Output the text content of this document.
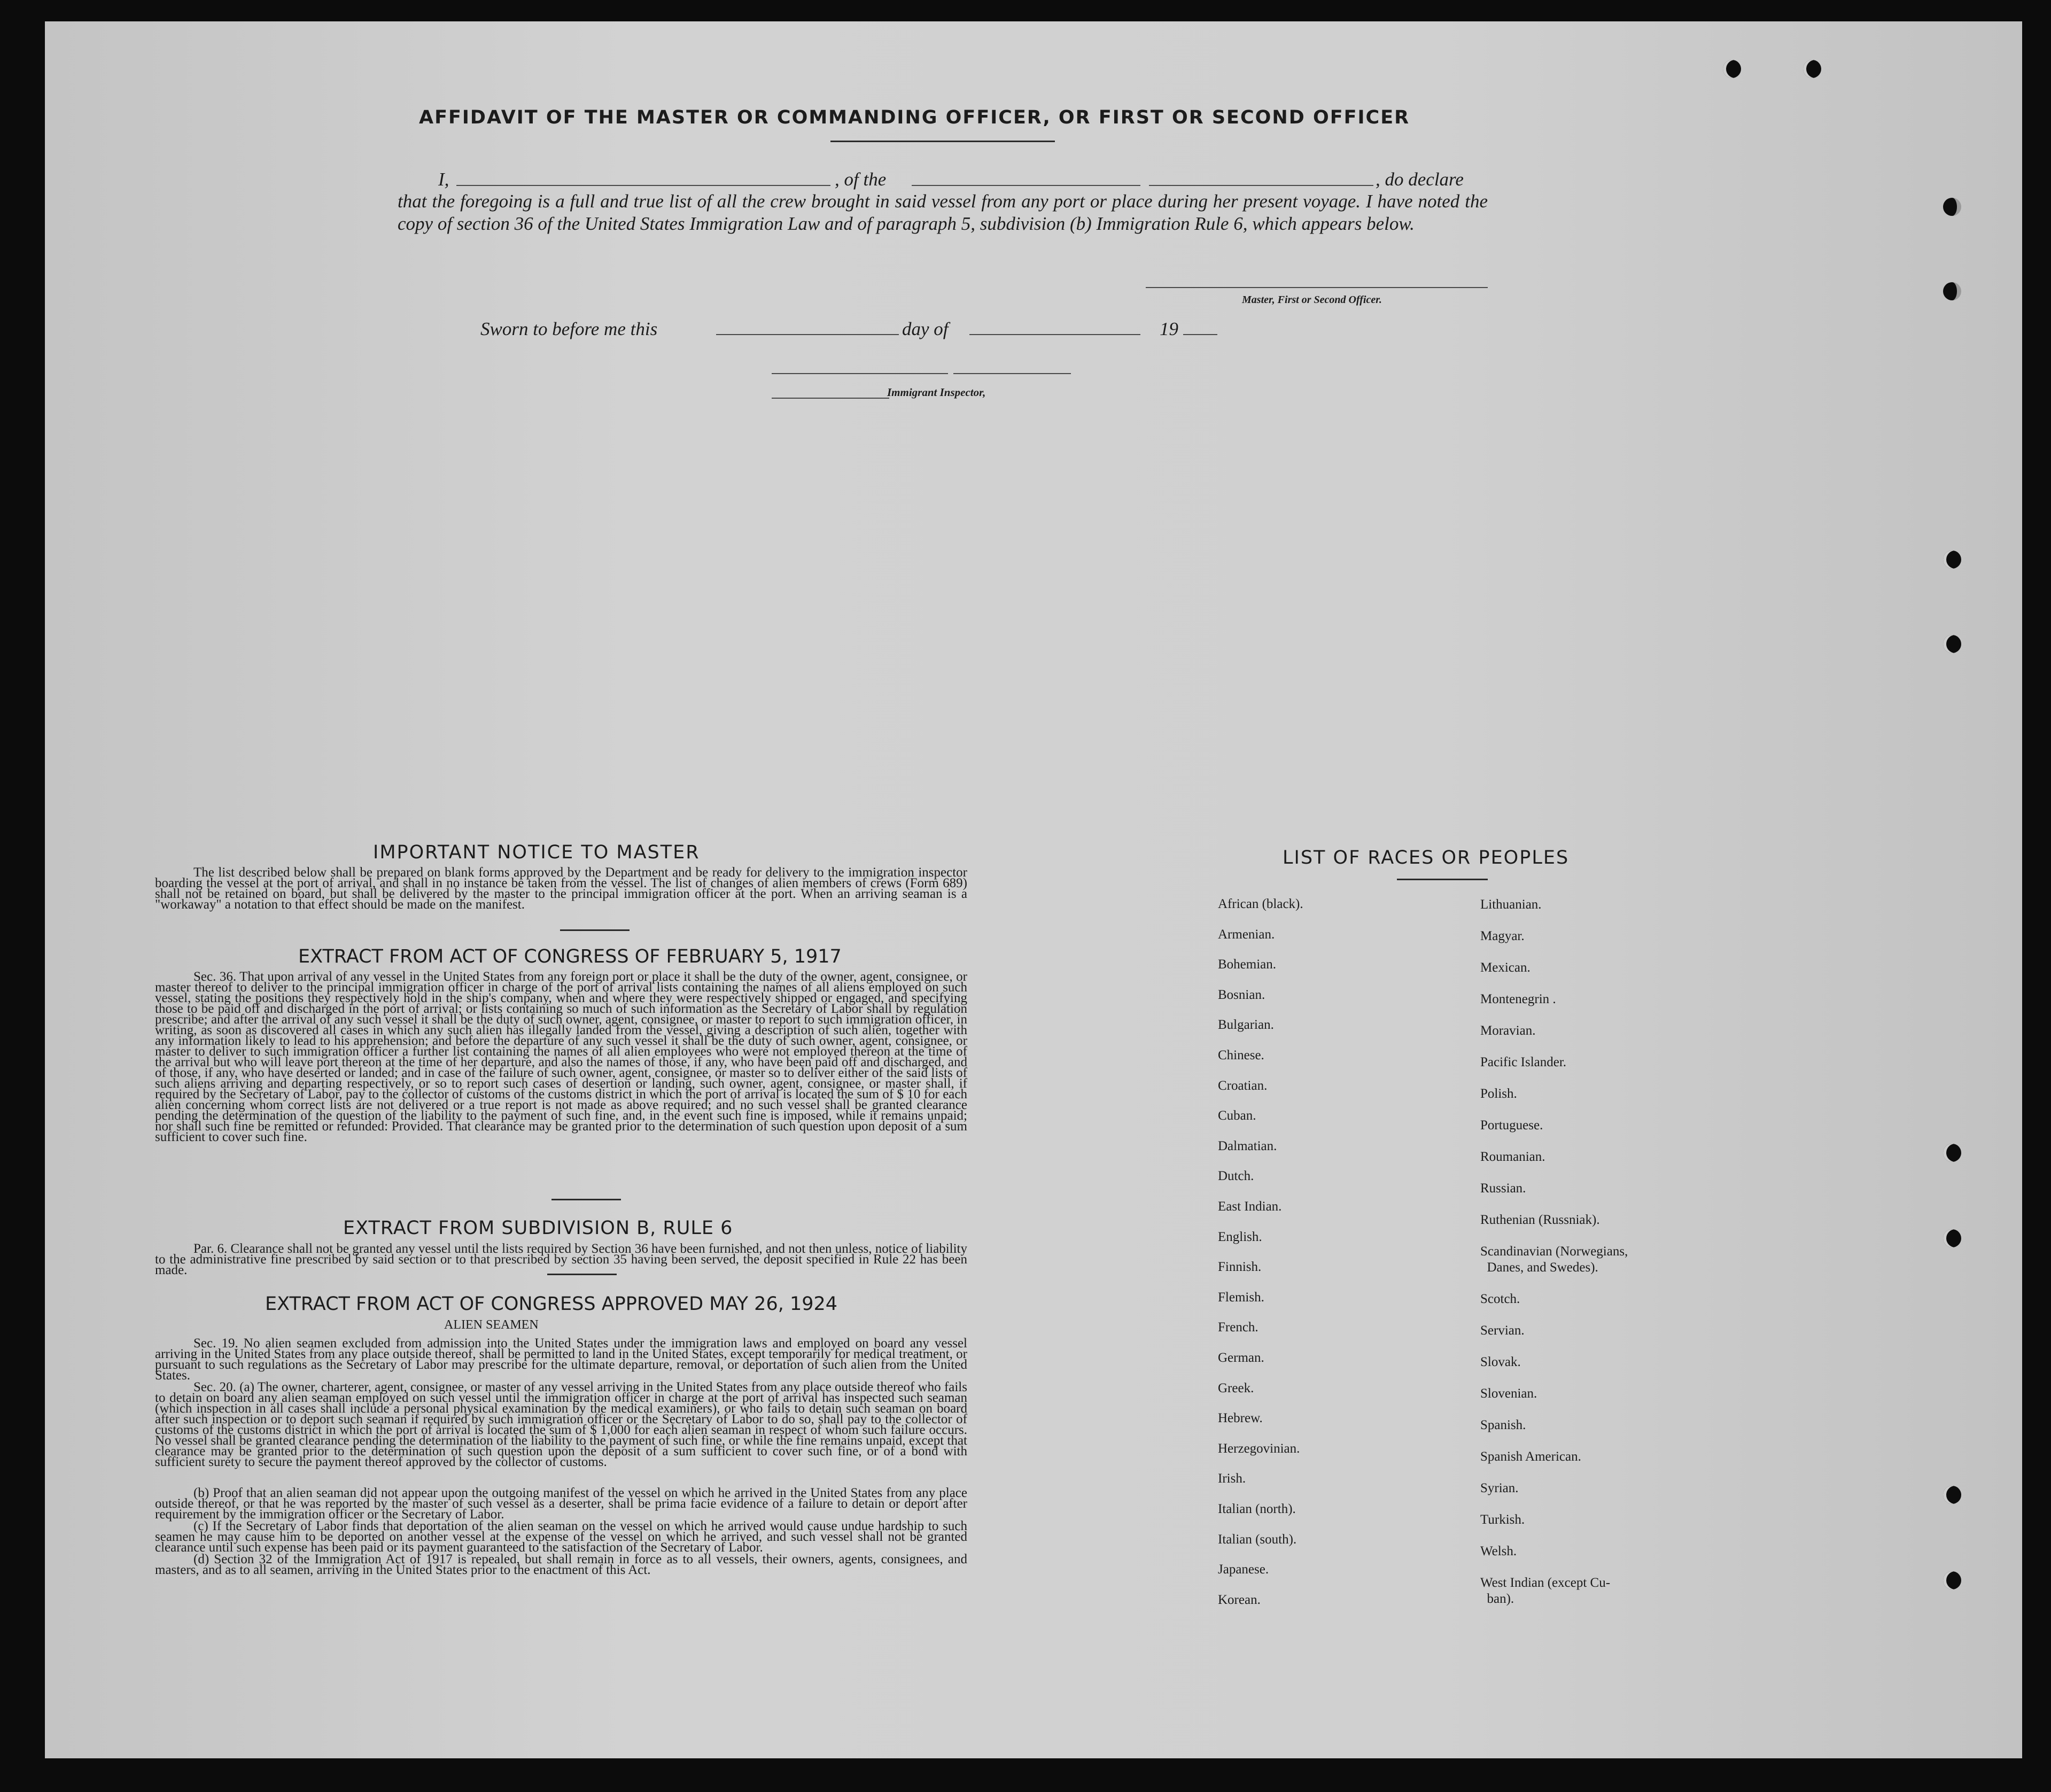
AFFIDAVIT OF THE MASTER OR COMMANDING OFFICER, OR FIRST OR SECOND OFFICER
I,	, of the	, do declare
that the foregoing is a full and true list of all the crew brought in said vessel from any port or place during her present voyage. I have noted the copy of section 36 of the United States Immigration Law and of paragraph 5, subdivision (b) Immigration Rule 6, which appears below.
Master, First or Second Officer.
Sworn to before me this	day of	19
Immigrant Inspector,
IMPORTANT NOTICE TO MASTER
The list described below shall be prepared on blank forms approved by the Department and be ready for delivery to the immigration inspector boarding the vessel at the port of arrival, and shall in no instance be taken from the vessel. The list of changes of alien members of crews (Form 689) shall not be retained on board, but shall be delivered by the master to the principal immigration officer at the port. When an arriving seaman is a "workaway" a notation to that effect should be made on the manifest.
EXTRACT FROM ACT OF CONGRESS OF FEBRUARY 5, 1917
Sec. 36. That upon arrival of any vessel in the United States from any foreign port or place it shall be the duty of the owner, agent, consignee, or master thereof to deliver to the principal immigration officer in charge of the port of arrival lists containing the names of all aliens employed on such vessel, stating the positions they respectively hold in the ship's company, when and where they were respectively shipped or engaged, and specifying those to be paid off and discharged in the port of arrival; or lists containing so much of such information as the Secretary of Labor shall by regulation prescribe; and after the arrival of any such vessel it shall be the duty of such owner, agent, consignee, or master to report to such immigration officer, in writing, as soon as discovered all cases in which any such alien has illegally landed from the vessel, giving a description of such alien, together with any information likely to lead to his apprehension; and before the departure of any such vessel it shall be the duty of such owner, agent, consignee, or master to deliver to such immigration officer a further list containing the names of all alien employees who were not employed thereon at the time of the arrival but who will leave port thereon at the time of her departure, and also the names of those, if any, who have been paid off and discharged, and of those, if any, who have deserted or landed; and in case of the failure of such owner, agent, consignee, or master so to deliver either of the said lists of such aliens arriving and departing respectively, or so to report such cases of desertion or landing, such owner, agent, consignee, or master shall, if required by the Secretary of Labor, pay to the collector of customs of the customs district in which the port of arrival is located the sum of $ 10 for each alien concerning whom correct lists are not delivered or a true report is not made as above required; and no such vessel shall be granted clearance pending the determination of the question of the liability to the payment of such fine, and, in the event such fine is imposed, while it remains unpaid; nor shall such fine be remitted or refunded: Provided. That clearance may be granted prior to the determination of such question upon deposit of a sum sufficient to cover such fine.
EXTRACT FROM SUBDIVISION B, RULE 6
Par. 6. Clearance shall not be granted any vessel until the lists required by Section 36 have been furnished, and not then unless, notice of liability to the administrative fine prescribed by said section or to that prescribed by section 35 having been served, the deposit specified in Rule 22 has been made.
EXTRACT FROM ACT OF CONGRESS APPROVED MAY 26, 1924
ALIEN SEAMEN
Sec. 19. No alien seamen excluded from admission into the United States under the immigration laws and employed on board any vessel arriving in the United States from any place outside thereof, shall be permitted to land in the United States, except temporarily for medical treatment, or pursuant to such regulations as the Secretary of Labor may prescribe for the ultimate departure, removal, or deportation of such alien from the United States.
Sec. 20. (a) The owner, charterer, agent, consignee, or master of any vessel arriving in the United States from any place outside thereof who fails to detain on board any alien seaman employed on such vessel until the immigration officer in charge at the port of arrival has inspected such seaman (which inspection in all cases shall include a personal physical examination by the medical examiners), or who fails to detain such seaman on board after such inspection or to deport such seaman if required by such immigration officer or the Secretary of Labor to do so, shall pay to the collector of customs of the customs district in which the port of arrival is located the sum of $ 1,000 for each alien seaman in respect of whom such failure occurs. No vessel shall be granted clearance pending the determination of the liability to the payment of such fine, or while the fine remains unpaid, except that clearance may be granted prior to the determination of such question upon the deposit of a sum sufficient to cover such fine, or of a bond with sufficient surety to secure the payment thereof approved by the collector of customs.
(b) Proof that an alien seaman did not appear upon the outgoing manifest of the vessel on which he arrived in the United States from any place outside thereof, or that he was reported by the master of such vessel as a deserter, shall be prima facie evidence of a failure to detain or deport after requirement by the immigration officer or the Secretary of Labor.
(c) If the Secretary of Labor finds that deportation of the alien seaman on the vessel on which he arrived would cause undue hardship to such seamen he may cause him to be deported on another vessel at the expense of the vessel on which he arrived, and such vessel shall not be granted clearance until such expense has been paid or its payment guaranteed to the satisfaction of the Secretary of Labor.
(d) Section 32 of the Immigration Act of 1917 is repealed, but shall remain in force as to all vessels, their owners, agents, consignees, and masters, and as to all seamen, arriving in the United States prior to the enactment of this Act.
LIST OF RACES OR PEOPLES
African (black).
Armenian.
Bohemian.
Bosnian.
Bulgarian.
Chinese.
Croatian.
Cuban.
Dalmatian.
Dutch.
East Indian.
English.
Finnish.
Flemish.
French.
German.
Greek.
Hebrew.
Herzegovinian.
Irish.
Italian (north).
Italian (south).
Japanese.
Korean.
Lithuanian.
Magyar.
Mexican.
Montenegrin .
Moravian.
Pacific Islander.
Polish.
Portuguese.
Roumanian.
Russian.
Ruthenian (Russniak).
Scandinavian (Norwegians,
Danes, and Swedes).
Scotch.
Servian.
Slovak.
Slovenian.
Spanish.
Spanish American.
Syrian.
Turkish.
Welsh.
West Indian (except Cu-
ban).
